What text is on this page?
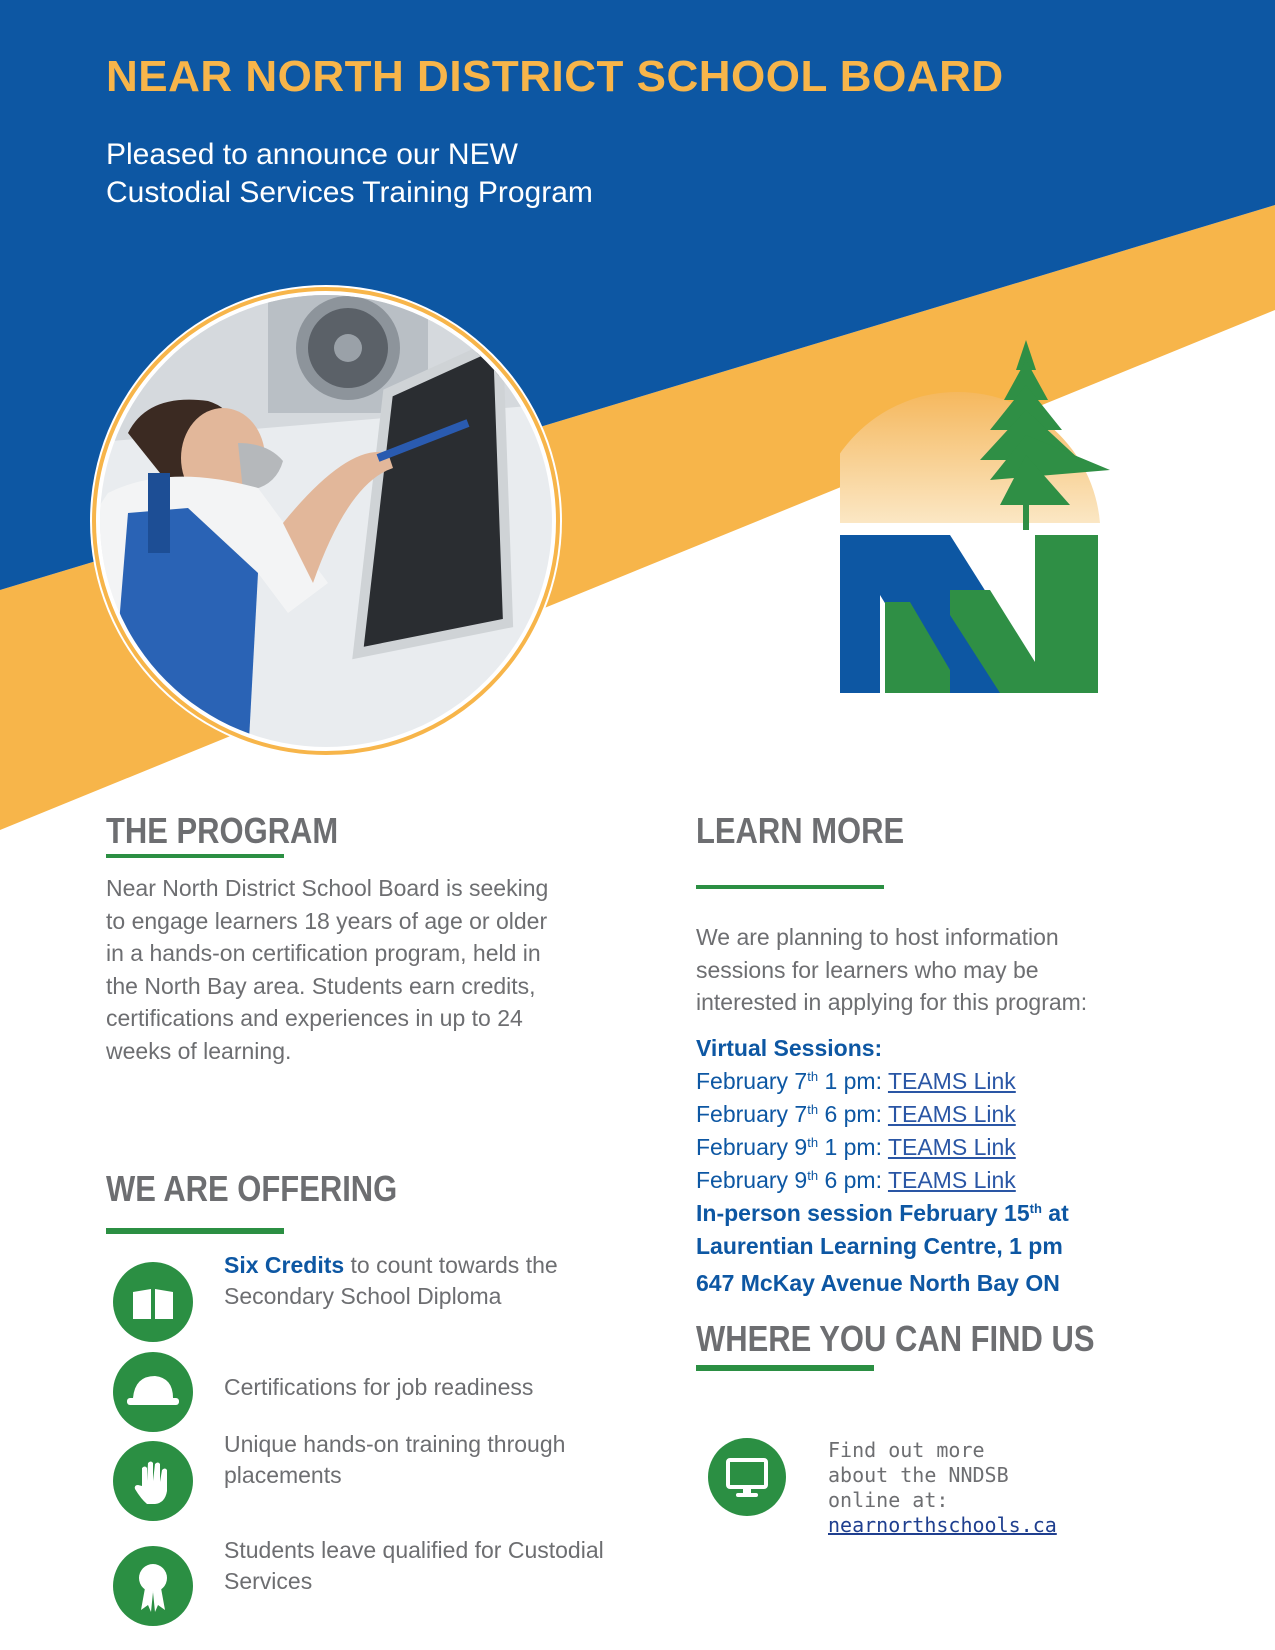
NEAR NORTH DISTRICT SCHOOL BOARD
Pleased to announce our NEW
Custodial Services Training Program
THE PROGRAM
Near North District School Board is seeking to engage learners 18 years of age or older in a hands-on certification program, held in the North Bay area. Students earn credits, certifications and experiences in up to 24 weeks of learning.
WE ARE OFFERING
Six Credits to count towards the Secondary School Diploma
Certifications for job readiness
Unique hands-on training through placements
Students leave qualified for Custodial Services
LEARN MORE
We are planning to host information sessions for learners who may be interested in applying for this program:
Virtual Sessions:
February 7th 1 pm: TEAMS Link
February 7th 6 pm: TEAMS Link
February 9th 1 pm: TEAMS Link
February 9th 6 pm: TEAMS Link
In-person session February 15th at
Laurentian Learning Centre, 1 pm
647 McKay Avenue North Bay ON
WHERE YOU CAN FIND US
Find out more
about the NNDSB
online at:
nearnorthschools.ca
